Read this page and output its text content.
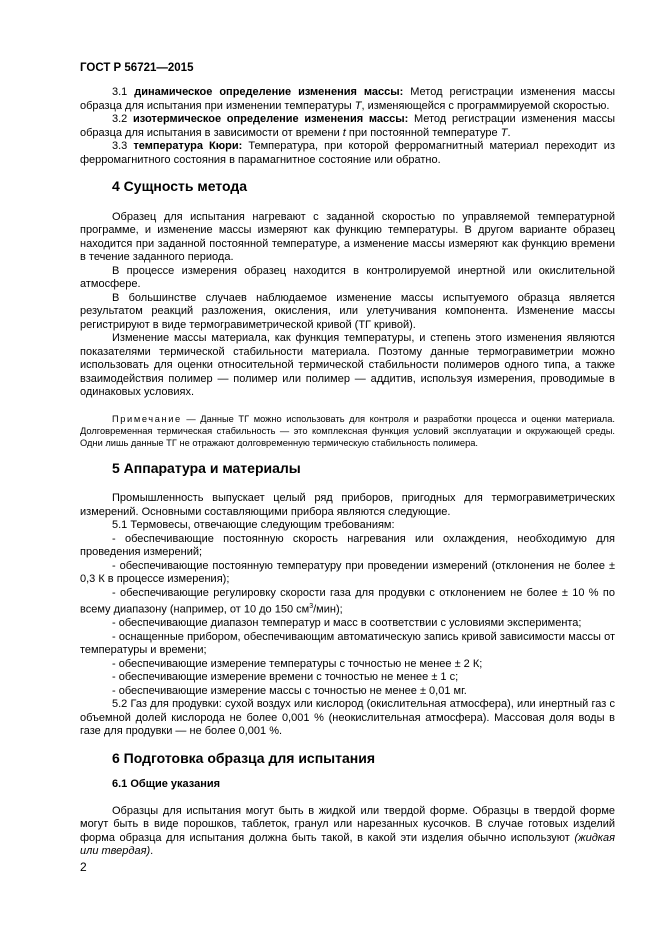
ГОСТ Р 56721—2015

3.1 динамическое определение изменения массы: Метод регистрации изменения массы образца для испытания при изменении температуры T, изменяющейся с программируемой скоростью.

3.2 изотермическое определение изменения массы: Метод регистрации изменения массы образца для испытания в зависимости от времени t при постоянной температуре T.

3.3 температура Кюри: Температура, при которой ферромагнитный материал переходит из ферромагнитного состояния в парамагнитное состояние или обратно.

4 Сущность метода

Образец для испытания нагревают с заданной скоростью по управляемой температурной программе, и изменение массы измеряют как функцию температуры. В другом варианте образец находится при заданной постоянной температуре, а изменение массы измеряют как функцию времени в течение заданного периода.

В процессе измерения образец находится в контролируемой инертной или окислительной атмосфере.

В большинстве случаев наблюдаемое изменение массы испытуемого образца является результатом реакций разложения, окисления, или улетучивания компонента. Изменение массы регистрируют в виде термогравиметрической кривой (ТГ кривой).

Изменение массы материала, как функция температуры, и степень этого изменения являются показателями термической стабильности материала. Поэтому данные термогравиметрии можно использовать для оценки относительной термической стабильности полимеров одного типа, а также взаимодействия полимер — полимер или полимер — аддитив, используя измерения, проводимые в одинаковых условиях.

Примечание — Данные ТГ можно использовать для контроля и разработки процесса и оценки материала. Долговременная термическая стабильность — это комплексная функция условий эксплуатации и окружающей среды. Одни лишь данные ТГ не отражают долговременную термическую стабильность полимера.

5 Аппаратура и материалы

Промышленность выпускает целый ряд приборов, пригодных для термогравиметрических измерений. Основными составляющими прибора являются следующие.

5.1 Термовесы, отвечающие следующим требованиям:

- обеспечивающие постоянную скорость нагревания или охлаждения, необходимую для проведения измерений;

- обеспечивающие постоянную температуру при проведении измерений (отклонения не более ± 0,3 К в процессе измерения);

- обеспечивающие регулировку скорости газа для продувки с отклонением не более ± 10 % по всему диапазону (например, от 10 до 150 $см^3/мин$);

- обеспечивающие диапазон температур и масс в соответствии с условиями эксперимента;

- оснащенные прибором, обеспечивающим автоматическую запись кривой зависимости массы от температуры и времени;

- обеспечивающие измерение температуры с точностью не менее ± 2 К;

- обеспечивающие измерение времени с точностью не менее ± 1 с;

- обеспечивающие измерение массы с точностью не менее ± 0,01 мг.

5.2 Газ для продувки: сухой воздух или кислород (окислительная атмосфера), или инертный газ с объемной долей кислорода не более 0,001 % (неокислительная атмосфера). Массовая доля воды в газе для продувки — не более 0,001 %.

6 Подготовка образца для испытания

6.1 Общие указания

Образцы для испытания могут быть в жидкой или твердой форме. Образцы в твердой форме могут быть в виде порошков, таблеток, гранул или нарезанных кусочков. В случае готовых изделий форма образца для испытания должна быть такой, в какой эти изделия обычно используют (жидкая или твердая).

2
